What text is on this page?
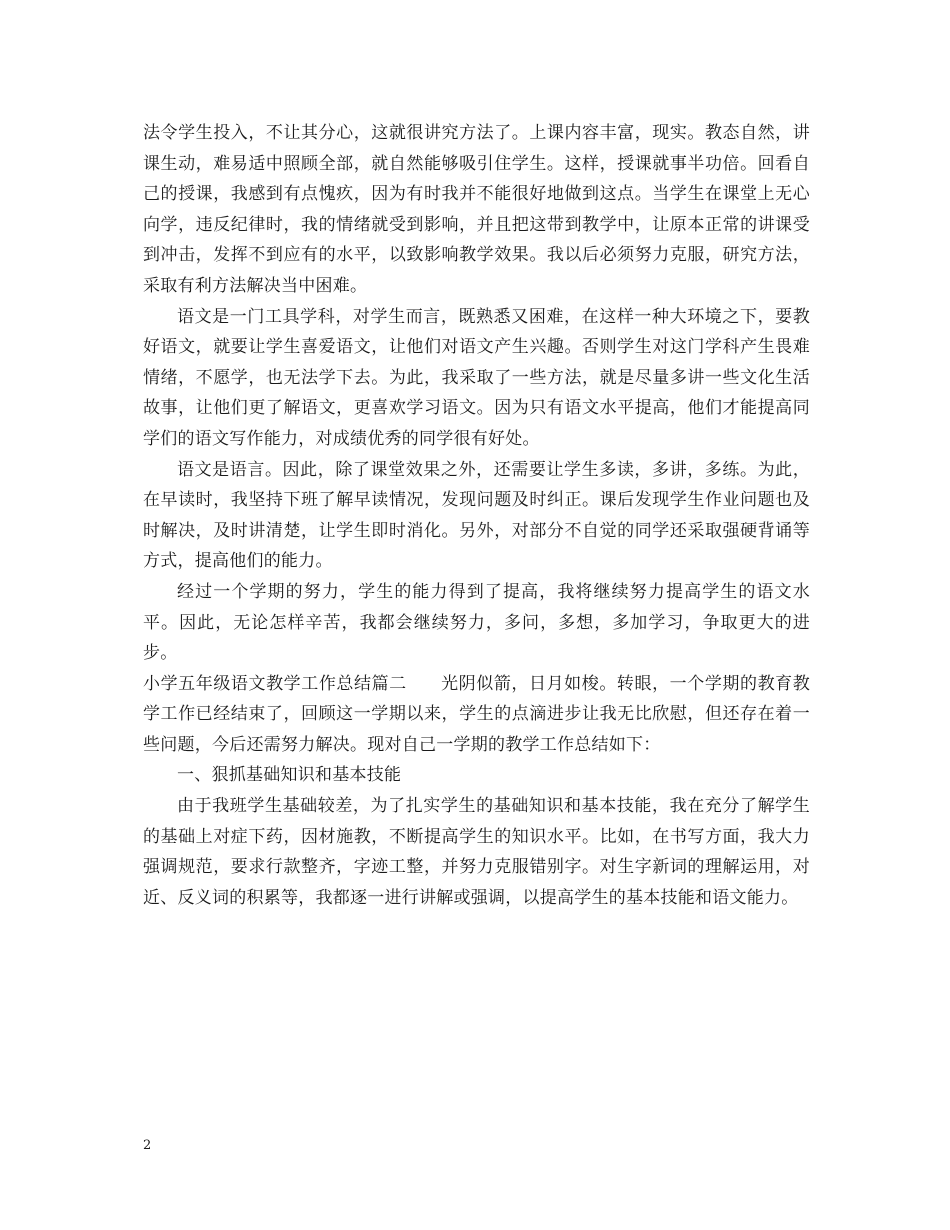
法令学生投入，不让其分心，这就很讲究方法了。上课内容丰富，现实。教态自然，讲课生动，难易适中照顾全部，就自然能够吸引住学生。这样，授课就事半功倍。回看自己的授课，我感到有点愧疚，因为有时我并不能很好地做到这点。当学生在课堂上无心向学，违反纪律时，我的情绪就受到影响，并且把这带到教学中，让原本正常的讲课受到冲击，发挥不到应有的水平，以致影响教学效果。我以后必须努力克服，研究方法，采取有利方法解决当中困难。

语文是一门工具学科，对学生而言，既熟悉又困难，在这样一种大环境之下，要教好语文，就要让学生喜爱语文，让他们对语文产生兴趣。否则学生对这门学科产生畏难情绪，不愿学，也无法学下去。为此，我采取了一些方法，就是尽量多讲一些文化生活故事，让他们更了解语文，更喜欢学习语文。因为只有语文水平提高，他们才能提高同学们的语文写作能力，对成绩优秀的同学很有好处。

语文是语言。因此，除了课堂效果之外，还需要让学生多读，多讲，多练。为此，在早读时，我坚持下班了解早读情况，发现问题及时纠正。课后发现学生作业问题也及时解决，及时讲清楚，让学生即时消化。另外，对部分不自觉的同学还采取强硬背诵等方式，提高他们的能力。

经过一个学期的努力，学生的能力得到了提高，我将继续努力提高学生的语文水平。因此，无论怎样辛苦，我都会继续努力，多问，多想，多加学习，争取更大的进步。

小学五年级语文教学工作总结篇二 光阴似箭，日月如梭。转眼，一个学期的教育教学工作已经结束了，回顾这一学期以来，学生的点滴进步让我无比欣慰，但还存在着一些问题，今后还需努力解决。现对自己一学期的教学工作总结如下：

一、狠抓基础知识和基本技能

由于我班学生基础较差，为了扎实学生的基础知识和基本技能，我在充分了解学生的基础上对症下药，因材施教，不断提高学生的知识水平。比如，在书写方面，我大力强调规范，要求行款整齐，字迹工整，并努力克服错别字。对生字新词的理解运用，对近、反义词的积累等，我都逐一进行讲解或强调，以提高学生的基本技能和语文能力。

2
